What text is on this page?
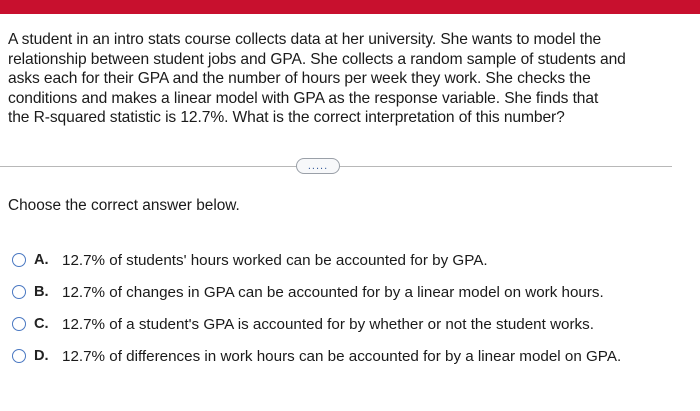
A student in an intro stats course collects data at her university. She wants to model the
relationship between student jobs and GPA. She collects a random sample of students and
asks each for their GPA and the number of hours per week they work. She checks the
conditions and makes a linear model with GPA as the response variable. She finds that
the R-squared statistic is 12.7%. What is the correct interpretation of this number?
.....
Choose the correct answer below.
A. 12.7% of students' hours worked can be accounted for by GPA.
B. 12.7% of changes in GPA can be accounted for by a linear model on work hours.
C. 12.7% of a student's GPA is accounted for by whether or not the student works.
D. 12.7% of differences in work hours can be accounted for by a linear model on GPA.
